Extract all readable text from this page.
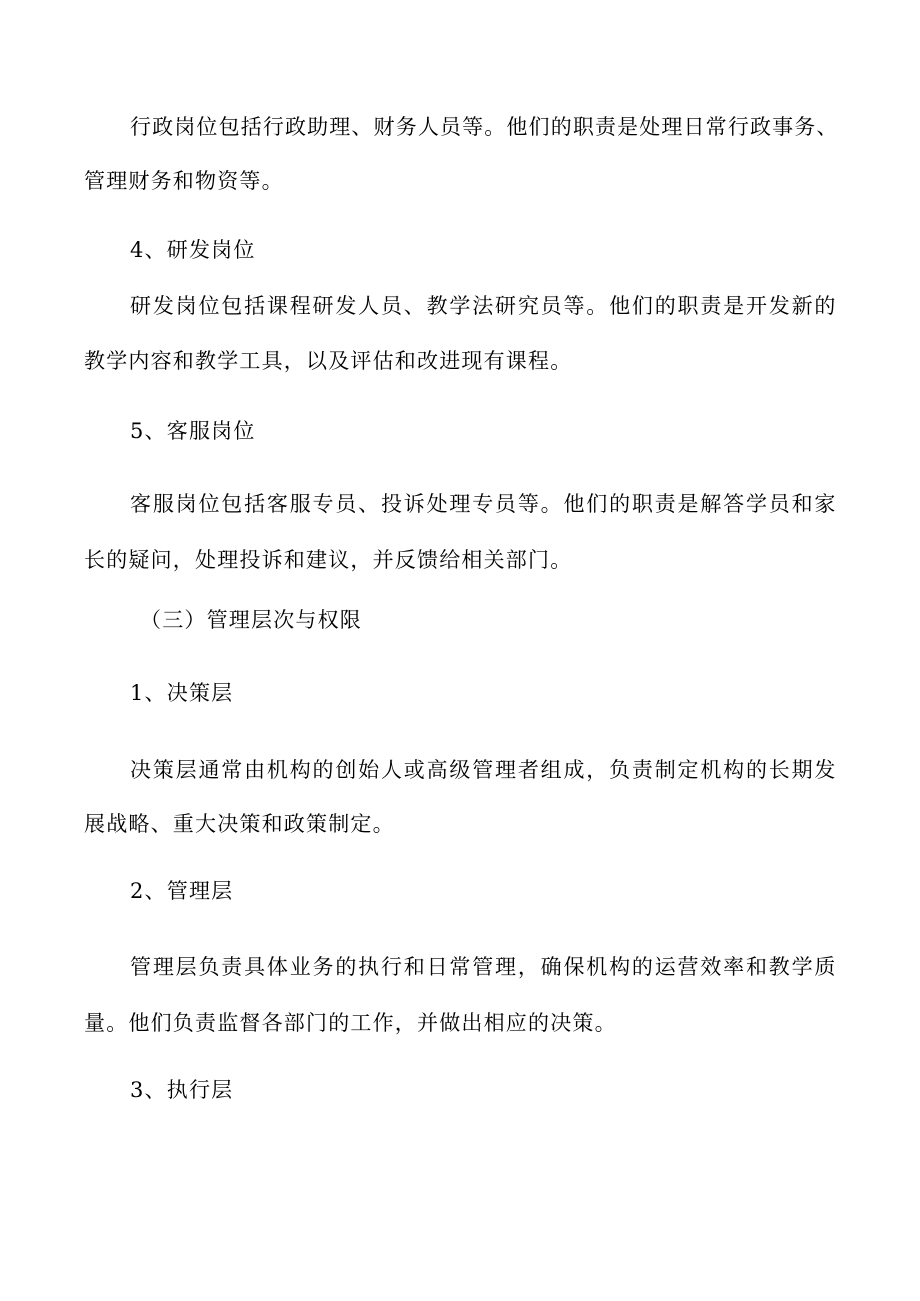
行政岗位包括行政助理、财务人员等。他们的职责是处理日常行政事务、
管理财务和物资等。
4、研发岗位
研发岗位包括课程研发人员、教学法研究员等。他们的职责是开发新的
教学内容和教学工具，以及评估和改进现有课程。
5、客服岗位
客服岗位包括客服专员、投诉处理专员等。他们的职责是解答学员和家
长的疑问，处理投诉和建议，并反馈给相关部门。
（三）管理层次与权限
1、决策层
决策层通常由机构的创始人或高级管理者组成，负责制定机构的长期发
展战略、重大决策和政策制定。
2、管理层
管理层负责具体业务的执行和日常管理，确保机构的运营效率和教学质
量。他们负责监督各部门的工作，并做出相应的决策。
3、执行层
